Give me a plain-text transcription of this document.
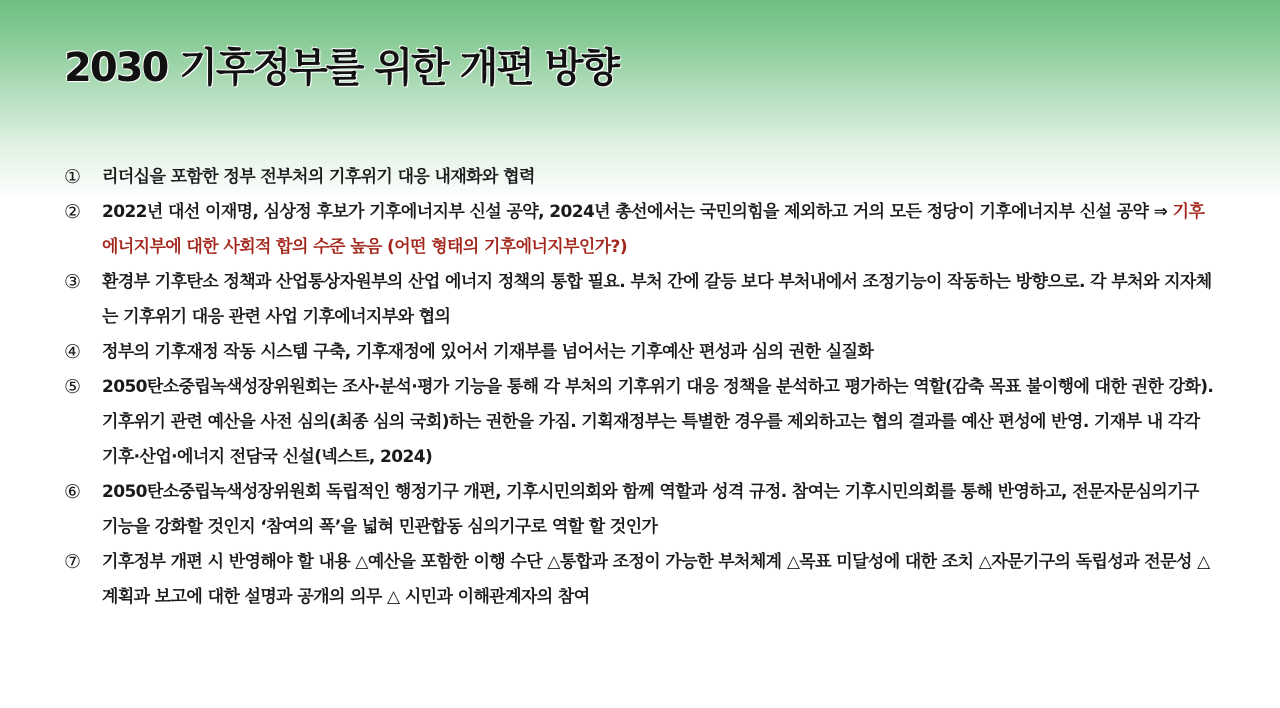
2030 기후정부를 위한 개편 방향
①	리더십을 포함한 정부 전부처의 기후위기 대응 내재화와 협력
②	2022년 대선 이재명, 심상정 후보가 기후에너지부 신설 공약, 2024년 총선에서는 국민의힘을 제외하고 거의 모든 정당이 기후에너지부 신설 공약 ⇒ 기후에너지부에 대한 사회적 합의 수준 높음 (어떤 형태의 기후에너지부인가?)
③	환경부 기후탄소 정책과 산업통상자원부의 산업 에너지 정책의 통합 필요. 부처 간에 갈등 보다 부처내에서 조정기능이 작동하는 방향으로. 각 부처와 지자체는 기후위기 대응 관련 사업 기후에너지부와 협의
④	정부의 기후재정 작동 시스템 구축, 기후재정에 있어서 기재부를 넘어서는 기후예산 편성과 심의 권한 실질화
⑤	2050탄소중립녹색성장위원회는 조사·분석·평가 기능을 통해 각 부처의 기후위기 대응 정책을 분석하고 평가하는 역할(감축 목표 불이행에 대한 권한 강화). 기후위기 관련 예산을 사전 심의(최종 심의 국회)하는 권한을 가짐. 기획재정부는 특별한 경우를 제외하고는 협의 결과를 예산 편성에 반영. 기재부 내 각각 기후·산업·에너지 전담국 신설(넥스트, 2024)
⑥	2050탄소중립녹색성장위원회 독립적인 행정기구 개편, 기후시민의회와 함께 역할과 성격 규정. 참여는 기후시민의회를 통해 반영하고, 전문자문심의기구 기능을 강화할 것인지 ‘참여의 폭’을 넓혀 민관합동 심의기구로 역할 할 것인가
⑦	기후정부 개편 시 반영해야 할 내용 △예산을 포함한 이행 수단 △통합과 조정이 가능한 부처체계 △목표 미달성에 대한 조치 △자문기구의 독립성과 전문성 △계획과 보고에 대한 설명과 공개의 의무 △ 시민과 이해관계자의 참여
